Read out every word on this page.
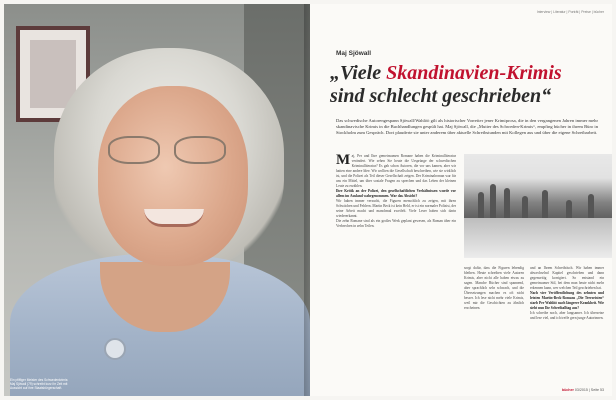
Ein pfiffiger Meister des Schwedenkrimis: Maj Sjöwall (79) schreibt kurz ihr Zeit mit Aussicht auf ihre Staatsbürgerschaft.

Interview | Literatur | Porträt | Preise | bücher
Maj Sjöwall
„Viele Skandinavien-Krimis
sind schlecht geschrieben“

Das schwedische Autorengespann Sjöwall/Wahlöö gilt als historischer Vorreiter jener Krimiprosa, die in den vergangenen Jahren immer mehr skandinavische Krimis in die Buchhandlungen gespült hat. Maj Sjöwall, die „Mutter des Schweden-Krimis“, empfing bücher in ihrem Büro in Stockholm zum Gespräch. Dort plauderte sie unter anderem über aktuelle Schreibstunden mit Kollegen aus und über die eigene Schreibarbeit.

M aj, Per und Ihre gemeinsamen Romane haben die Kriminalliteratur verändert. Wie sehen Sie heute die Ursprünge der schwedischen Kriminalliteratur? Es gab schon Autoren, die vor uns kamen, aber wir hatten eine andere Idee. Wir wollten die Gesellschaft beschreiben, wie sie wirklich ist, und die Polizei als Teil dieser Gesellschaft zeigen. Der Kriminalroman war für uns ein Mittel, um über soziale Fragen zu sprechen und das Leben der kleinen Leute zu erzählen.

Ihre Kritik an der Polizei, den gesellschaftlichen Verhältnissen wurde vor allem im Ausland wahrgenommen. War das Absicht?

Wir haben immer versucht, die Figuren menschlich zu zeigen, mit ihren Schwächen und Fehlern. Martin Beck ist kein Held, er ist ein normaler Polizist, der seine Arbeit macht und manchmal zweifelt. Viele Leser haben sich darin wiedererkannt.

Die zehn Romane sind als ein großes Werk geplant gewesen, als Roman über ein Verbrechen in zehn Teilen.

sorgt dafür, dass die Figuren lebendig bleiben. Heute schreiben viele Autoren Krimis, aber nicht alle haben etwas zu sagen. Manche Bücher sind spannend, aber sprachlich sehr schwach, und die Übersetzungen machen es oft nicht besser. Ich lese nicht mehr viele Krimis, weil mir die Geschichten zu ähnlich erscheinen.

und an Ihrem Schreibtisch. Wir haben immer abwechselnd Kapitel geschrieben und dann gegenseitig korrigiert. So entstand ein gemeinsamer Stil, bei dem man heute nicht mehr erkennen kann, wer welchen Teil geschrieben hat.

Nach vier Veröffentlichung des zehnten und letzten Martin-Beck-Romans „Die Terroristen“ starb Per Wahlöö nach längerer Krankheit. Wie sieht nun Ihr Schreiballtag aus?

Ich schreibe noch, aber langsamer. Ich übersetze und lese viel, und ich treffe gern junge Autorinnen.

bücher 03/2015 | Seite 53
